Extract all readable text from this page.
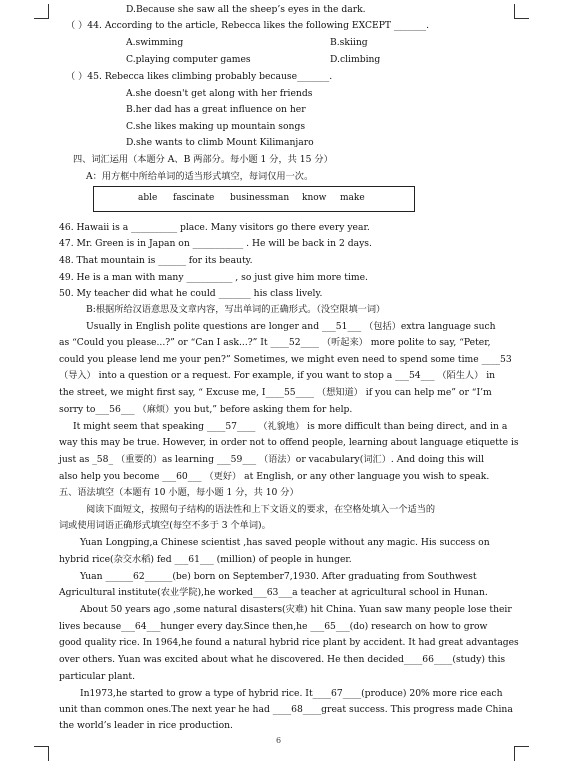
D.Because she saw all the sheep’s eyes in the dark.
（ ）44. According to the article, Rebecca likes the following EXCEPT _______.
A.swimming	B.skiing
C.playing computer games	D.climbing
（ ）45. Rebecca likes climbing probably because_______.
A.she doesn't get along with her friends
B.her dad has a great influence on her
C.she likes making up mountain songs
D.she wants to climb Mount Kilimanjaro
四、词汇运用（本题分 A、B 两部分。每小题 1 分，共 15 分）
A：用方框中所给单词的适当形式填空，每词仅用一次。
able fascinate businessman know make
46. Hawaii is a __________ place. Many visitors go there every year.
47. Mr. Green is in Japan on ___________ . He will be back in 2 days.
48. That mountain is ______ for its beauty.
49. He is a man with many __________ , so just give him more time.
50. My teacher did what he could _______ his class lively.
B:根据所给汉语意思及文章内容，写出单词的正确形式。（没空限填一词）
Usually in English polite questions are longer and ___51___ （包括）extra language such
as “Could you please...?” or “Can I ask...?” It ____52____ （听起来） more polite to say, “Peter,
could you please lend me your pen?” Sometimes, we might even need to spend some time ____53
（导入） into a question or a request. For example, if you want to stop a ___54___ （陌生人） in
the street, we might first say, “ Excuse me, I____55____ （想知道） if you can help me” or “I’m
sorry to___56___ （麻烦）you but,” before asking them for help.
It might seem that speaking ____57____ （礼貌地） is more difficult than being direct, and in a
way this may be true. However, in order not to offend people, learning about language etiquette is
just as _58_ （重要的）as learning ___59___ （语法）or vacabulary(词汇）. And doing this will
also help you become ___60___ （更好） at English, or any other language you wish to speak.
五、语法填空（本题有 10 小题，每小题 1 分，共 10 分）
阅读下面短文，按照句子结构的语法性和上下文语义的要求，在空格处填入一个适当的
词或使用词语正确形式填空(每空不多于 3 个单词)。
Yuan Longping,a Chinese scientist ,has saved people without any magic. His success on
hybrid rice(杂交水稻) fed ___61___ (million) of people in hunger.
Yuan ______62______(be) born on September7,1930. After graduating from Southwest
Agricultural institute(农业学院),he worked___63___a teacher at agricultural school in Hunan.
About 50 years ago ,some natural disasters(灾难) hit China. Yuan saw many people lose their
lives because___64___hunger every day.Since then,he ___65___(do) research on how to grow
good quality rice. In 1964,he found a natural hybrid rice plant by accident. It had great advantages
over others. Yuan was excited about what he discovered. He then decided____66____(study) this
particular plant.
In1973,he started to grow a type of hybrid rice. It____67____(produce) 20% more rice each
unit than common ones.The next year he had ____68____great success. This progress made China
the world’s leader in rice production.
6
